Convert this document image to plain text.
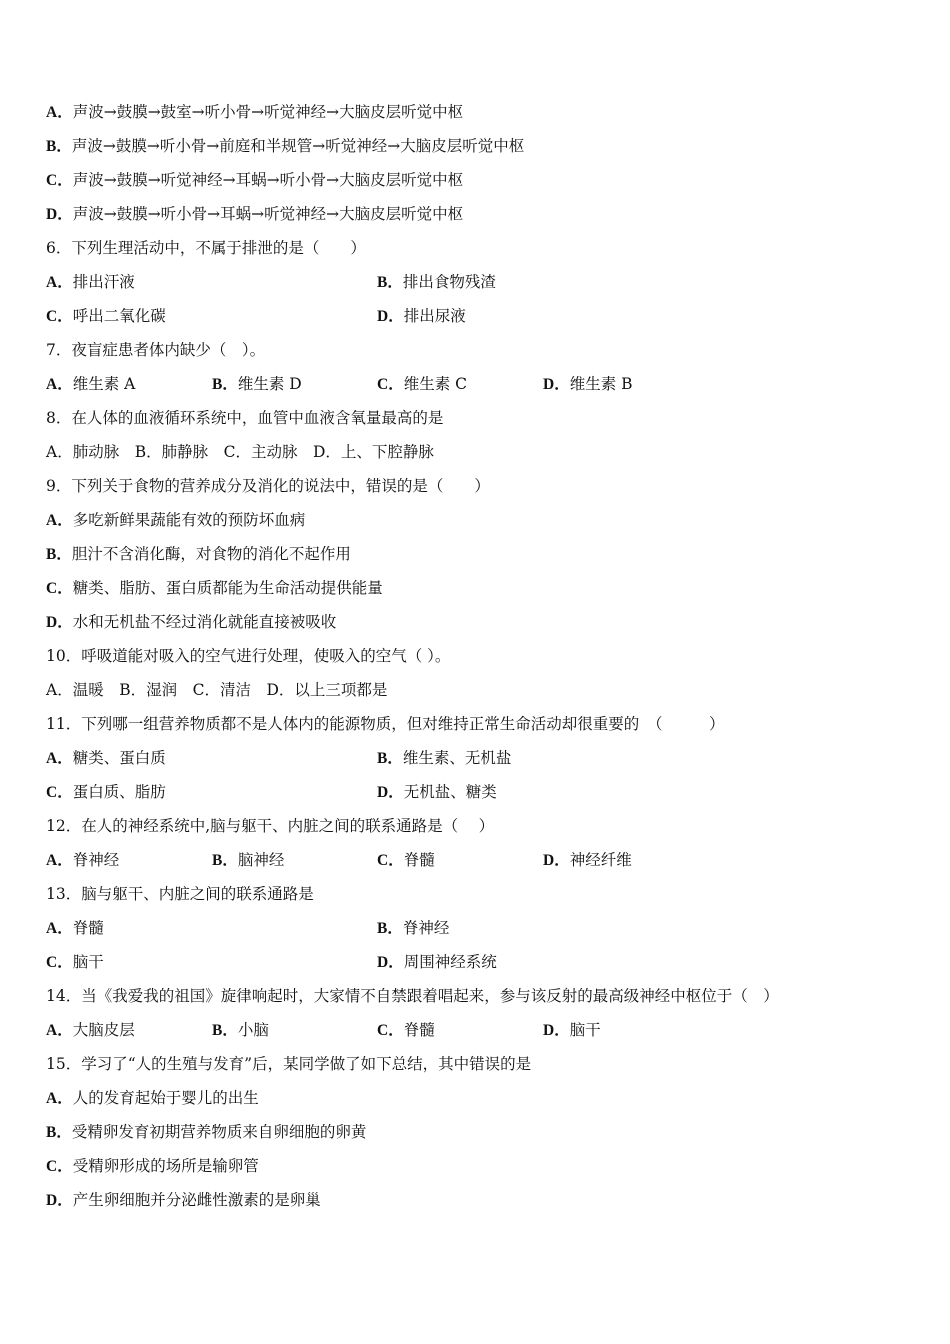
A．声波→鼓膜→鼓室→听小骨→听觉神经→大脑皮层听觉中枢
B．声波→鼓膜→听小骨→前庭和半规管→听觉神经→大脑皮层听觉中枢
C．声波→鼓膜→听觉神经→耳蜗→听小骨→大脑皮层听觉中枢
D．声波→鼓膜→听小骨→耳蜗→听觉神经→大脑皮层听觉中枢
6．下列生理活动中，不属于排泄的是（　　）
A．排出汗液	B．排出食物残渣
C．呼出二氧化碳	D．排出尿液
7．夜盲症患者体内缺少（　）。
A．维生素 A	B．维生素 D	C．维生素 C	D．维生素 B
8．在人体的血液循环系统中，血管中血液含氧量最高的是
A．肺动脉　B．肺静脉　C．主动脉　D．上、下腔静脉
9．下列关于食物的营养成分及消化的说法中，错误的是（　　）
A．多吃新鲜果蔬能有效的预防坏血病
B．胆汁不含消化酶，对食物的消化不起作用
C．糖类、脂肪、蛋白质都能为生命活动提供能量
D．水和无机盐不经过消化就能直接被吸收
10．呼吸道能对吸入的空气进行处理，使吸入的空气（ ）。
A．温暖　B．湿润　C．清洁　D．以上三项都是
11．下列哪一组营养物质都不是人体内的能源物质，但对维持正常生命活动却很重要的　（　　　）
A．糖类、蛋白质	B．维生素、无机盐
C．蛋白质、脂肪	D．无机盐、糖类
12．在人的神经系统中,脑与躯干、内脏之间的联系通路是（　 ）
A．脊神经	B．脑神经	C．脊髓	D．神经纤维
13．脑与躯干、内脏之间的联系通路是
A．脊髓	B．脊神经
C．脑干	D．周围神经系统
14．当《我爱我的祖国》旋律响起时，大家情不自禁跟着唱起来，参与该反射的最高级神经中枢位于（　）
A．大脑皮层	B．小脑	C．脊髓	D．脑干
15．学习了“人的生殖与发育”后，某同学做了如下总结，其中错误的是
A．人的发育起始于婴儿的出生
B．受精卵发育初期营养物质来自卵细胞的卵黄
C．受精卵形成的场所是输卵管
D．产生卵细胞并分泌雌性激素的是卵巢
